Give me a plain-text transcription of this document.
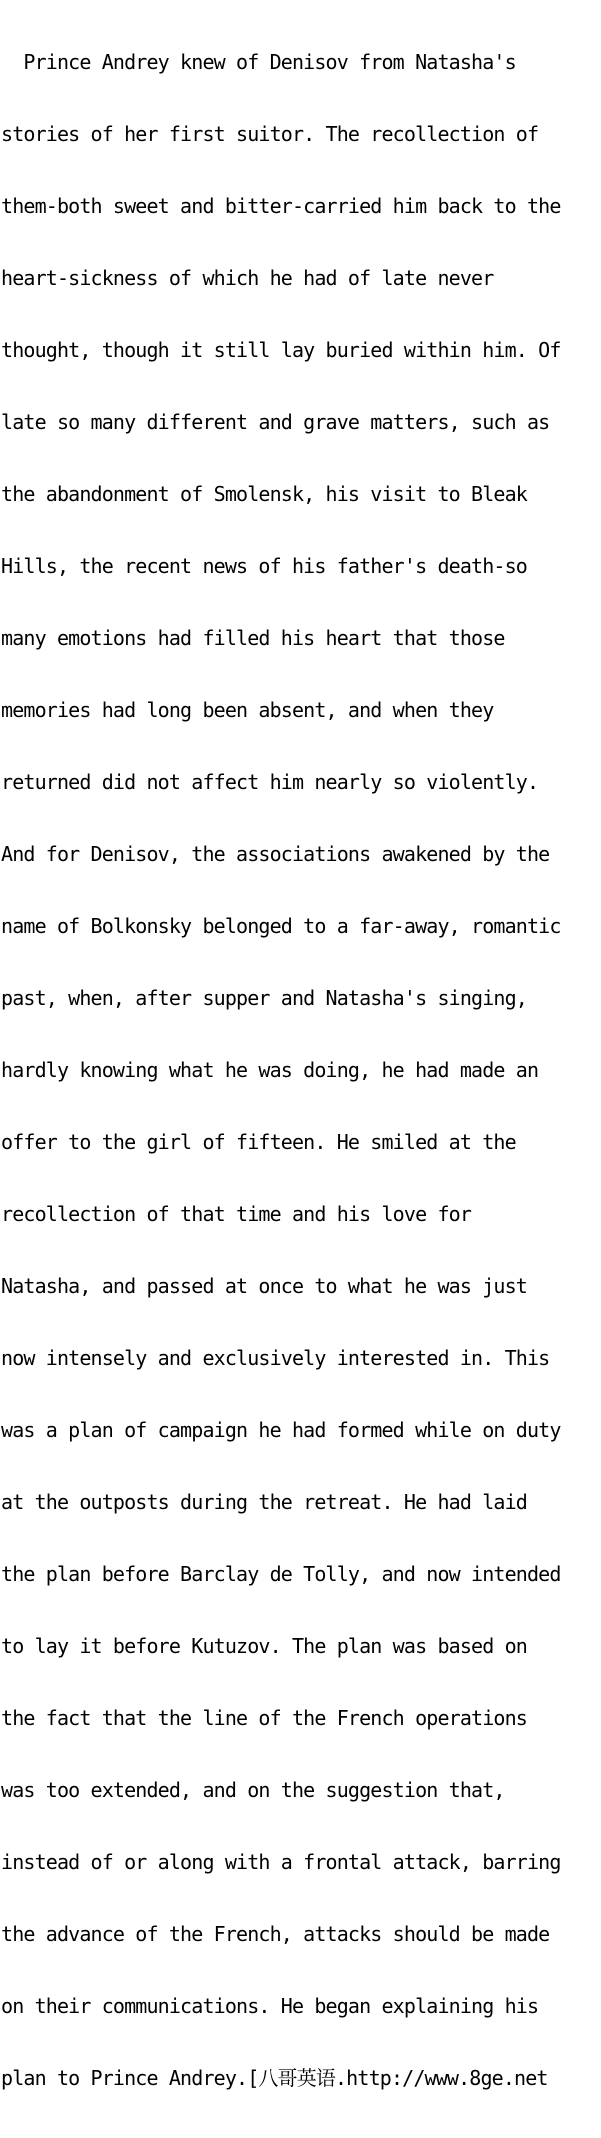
Prince Andrey knew of Denisov from Natasha's

stories of her first suitor. The recollection of

them-both sweet and bitter-carried him back to the

heart-sickness of which he had of late never

thought, though it still lay buried within him. Of

late so many different and grave matters, such as

the abandonment of Smolensk, his visit to Bleak

Hills, the recent news of his father's death-so

many emotions had filled his heart that those

memories had long been absent, and when they

returned did not affect him nearly so violently.

And for Denisov, the associations awakened by the

name of Bolkonsky belonged to a far-away, romantic

past, when, after supper and Natasha's singing,

hardly knowing what he was doing, he had made an

offer to the girl of fifteen. He smiled at the

recollection of that time and his love for

Natasha, and passed at once to what he was just

now intensely and exclusively interested in. This

was a plan of campaign he had formed while on duty

at the outposts during the retreat. He had laid

the plan before Barclay de Tolly, and now intended

to lay it before Kutuzov. The plan was based on

the fact that the line of the French operations

was too extended, and on the suggestion that,

instead of or along with a frontal attack, barring

the advance of the French, attacks should be made

on their communications. He began explaining his

plan to Prince Andrey.[八哥英语.http://www.8ge.net
